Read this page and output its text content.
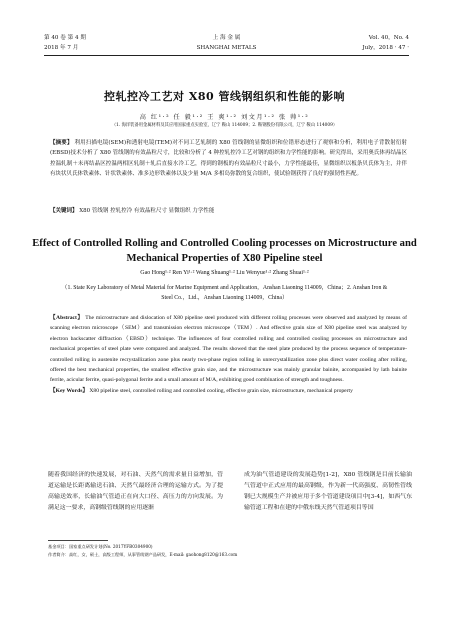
第 40 卷 第 4 期	上 海 金 属	Vol. 40，No. 4
2018 年 7 月	SHANGHAI METALS	July，2018 · 47 ·
控轧控冷工艺对 X80 管线钢组织和性能的影响
高 红¹·² 任 毅¹·² 王 爽¹·² 刘文月¹·² 张 帅¹·²
（1. 海洋装备用金属材料及其应用国家重点实验室，辽宁 鞍山 114009；2. 鞍钢股份有限公司，辽宁 鞍山 114009）
【摘要】 利用扫描电镜(SEM)和透射电镜(TEM)对不同工艺轧制的 X80 管线钢的显微组织和位错形态进行了观察和分析，利用电子背散射衍射(EBSD)技术分析了 X80 管线钢的有效晶粒尺寸，比较和分析了 4 种控轧控冷工艺对钢的组织和力学性能的影响。研究得出，采用奥氏体再结晶区控温轧制＋未再结晶区控温两相区轧制＋轧后直接水冷工艺，得到的钢板的有效晶粒尺寸最小，力学性能最佳，显微组织以板条贝氏体为主，并伴有块状贝氏体铁素体、针状铁素体、准多边形铁素体以及少量 M/A 多相岛弥散的复合组织，使试验钢获得了良好的强韧性匹配。
【关键词】 X80 管线钢 控轧控冷 有效晶粒尺寸 显微组织 力学性能
Effect of Controlled Rolling and Controlled Cooling processes on Microstructure and Mechanical Properties of X80 Pipeline steel
Gao Hong¹·² Ren Yi¹·² Wang Shuang¹·² Liu Wenyue¹·² Zhang Shuai¹·²
（1. State Key Laboratory of Metal Material for Marine Equipment and Application，Anshan Liaoning 114009，China；2. Anshan Iron & Steel Co.，Ltd.，Anshan Liaoning 114009，China）
【Abstract】 The microstructure and dislocation of X80 pipeline steel produced with different rolling processes were observed and analyzed by means of scanning electron microscope（SEM）and transmission electron microscope（TEM）. And effective grain size of X80 pipeline steel was analyzed by electron backscatter diffraction（EBSD）technique. The influences of four controlled rolling and controlled cooling processes on microstructure and mechanical properties of steel plate were compared and analyzed. The results showed that the steel plate produced by the process sequence of temperature-controlled rolling in austenite recrystallization zone plus nearly two-phase region rolling in unrecrystallization zone plus direct water cooling after rolling, offered the best mechanical properties, the smallest effective grain size, and the microstructure was mainly granular bainite, accompanied by lath bainite ferrite, acicular ferrite, quasi-polygonal ferrite and a small amount of M/A, exhibiting good combination of strength and toughness.
【Key Words】 X80 pipeline steel, controlled rolling and controlled cooling, effective grain size, microstructure, mechanical property
随着我国经济的快速发展，对石油、天然气的需求量日益增加，管道运输是长距离输送石油、天然气最经济合理的运输方式。为了提高输送效率，长输油气管道正在向大口径、高压力的方向发展。为满足这一要求，高钢级管线钢的应用逐渐
成为油气管道建设的发展趋势[1-2]，X80 管线钢是目前长输油气管道中正式应用的最高钢级，作为新一代高强度、高韧性管线钢已大规模生产并被应用于多个管道建设项目中[3-4]，如西气东输管道工程和在建的中俄东线天然气管道项目等国
基金项目：国家重点研发计划(No. 2017YFB0304900)
作者简介：高红，女，硕士，高级工程师，从事管线钢产品研发，E-mail: gaohong8120@163.com
